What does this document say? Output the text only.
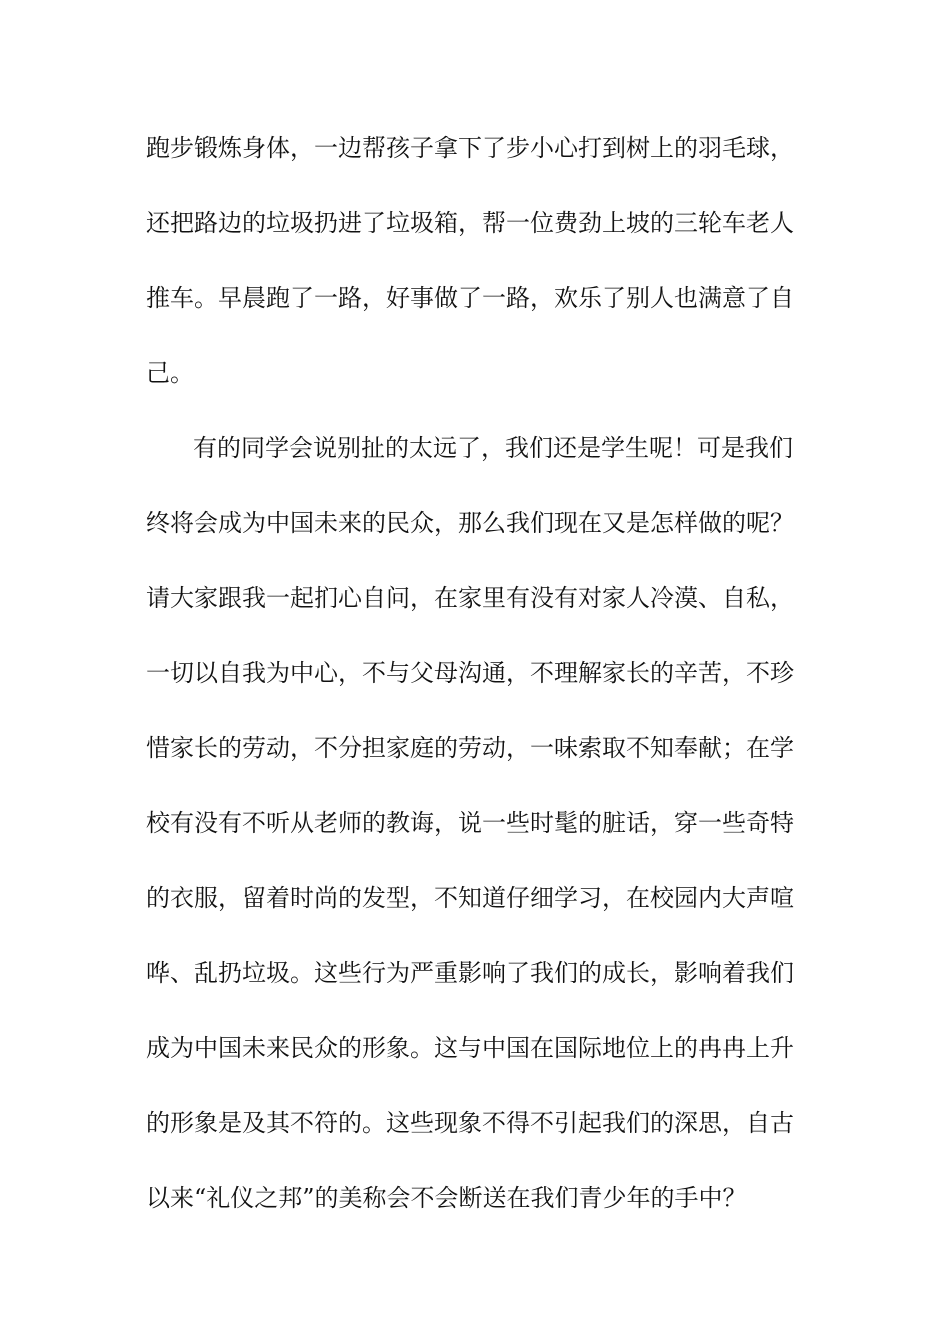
跑步锻炼身体，一边帮孩子拿下了步小心打到树上的羽毛球，
还把路边的垃圾扔进了垃圾箱，帮一位费劲上坡的三轮车老人
推车。早晨跑了一路，好事做了一路，欢乐了别人也满意了自
己。
有的同学会说别扯的太远了，我们还是学生呢！可是我们
终将会成为中国未来的民众，那么我们现在又是怎样做的呢？
请大家跟我一起扪心自问，在家里有没有对家人冷漠、自私，
一切以自我为中心，不与父母沟通，不理解家长的辛苦，不珍
惜家长的劳动，不分担家庭的劳动，一味索取不知奉献；在学
校有没有不听从老师的教诲，说一些时髦的脏话，穿一些奇特
的衣服，留着时尚的发型，不知道仔细学习，在校园内大声喧
哗、乱扔垃圾。这些行为严重影响了我们的成长，影响着我们
成为中国未来民众的形象。这与中国在国际地位上的冉冉上升
的形象是及其不符的。这些现象不得不引起我们的深思，自古
以来“礼仪之邦”的美称会不会断送在我们青少年的手中？
